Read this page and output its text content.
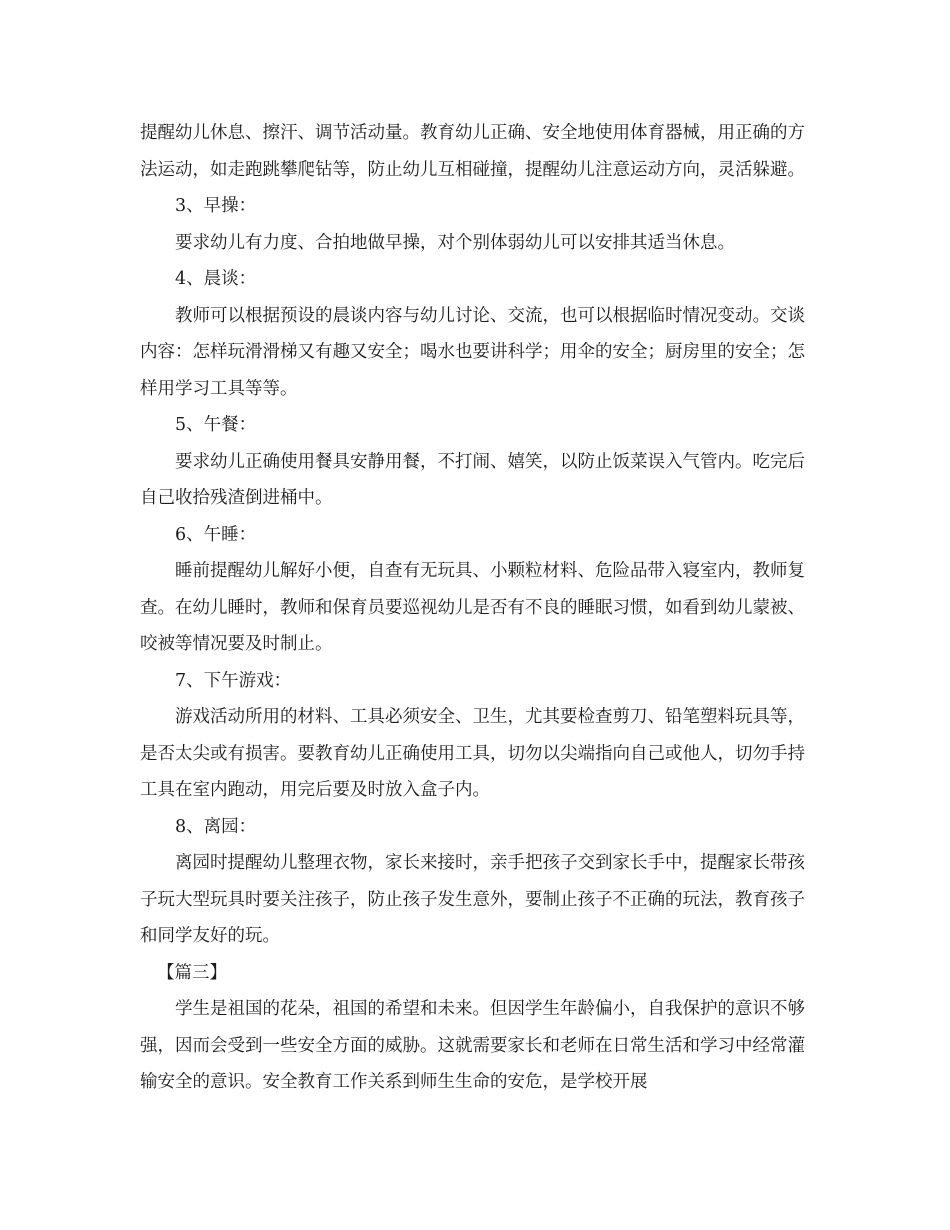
提醒幼儿休息、擦汗、调节活动量。教育幼儿正确、安全地使用体育器械，用正确的方法运动，如走跑跳攀爬钻等，防止幼儿互相碰撞，提醒幼儿注意运动方向，灵活躲避。

3、早操：

要求幼儿有力度、合拍地做早操，对个别体弱幼儿可以安排其适当休息。

4、晨谈：

教师可以根据预设的晨谈内容与幼儿讨论、交流，也可以根据临时情况变动。交谈内容：怎样玩滑滑梯又有趣又安全；喝水也要讲科学；用伞的安全；厨房里的安全；怎样用学习工具等等。

5、午餐：

要求幼儿正确使用餐具安静用餐，不打闹、嬉笑，以防止饭菜误入气管内。吃完后自己收拾残渣倒进桶中。

6、午睡：

睡前提醒幼儿解好小便，自查有无玩具、小颗粒材料、危险品带入寝室内，教师复查。在幼儿睡时，教师和保育员要巡视幼儿是否有不良的睡眠习惯，如看到幼儿蒙被、咬被等情况要及时制止。

7、下午游戏：

游戏活动所用的材料、工具必须安全、卫生，尤其要检查剪刀、铅笔塑料玩具等，是否太尖或有损害。要教育幼儿正确使用工具，切勿以尖端指向自己或他人，切勿手持工具在室内跑动，用完后要及时放入盒子内。

8、离园：

离园时提醒幼儿整理衣物，家长来接时，亲手把孩子交到家长手中，提醒家长带孩子玩大型玩具时要关注孩子，防止孩子发生意外，要制止孩子不正确的玩法，教育孩子和同学友好的玩。

【篇三】

学生是祖国的花朵，祖国的希望和未来。但因学生年龄偏小，自我保护的意识不够强，因而会受到一些安全方面的威胁。这就需要家长和老师在日常生活和学习中经常灌输安全的意识。安全教育工作关系到师生生命的安危，是学校开展
